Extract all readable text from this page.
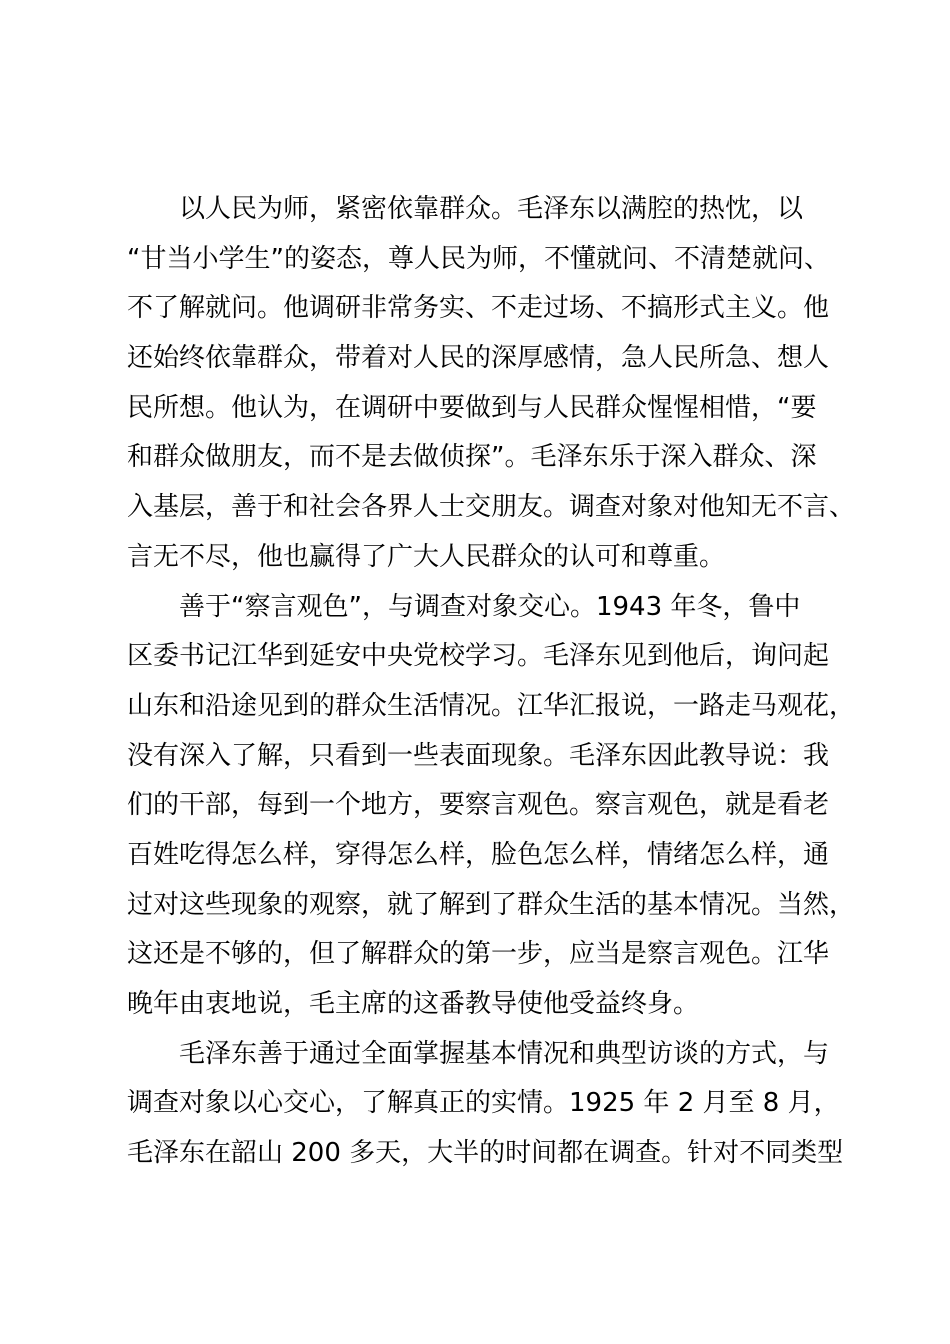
以人民为师，紧密依靠群众。毛泽东以满腔的热忱，以
“甘当小学生”的姿态，尊人民为师，不懂就问、不清楚就问、
不了解就问。他调研非常务实、不走过场、不搞形式主义。他
还始终依靠群众，带着对人民的深厚感情，急人民所急、想人
民所想。他认为，在调研中要做到与人民群众惺惺相惜，“要
和群众做朋友，而不是去做侦探”。毛泽东乐于深入群众、深
入基层，善于和社会各界人士交朋友。调查对象对他知无不言、
言无不尽，他也赢得了广大人民群众的认可和尊重。
善于“察言观色”，与调查对象交心。1943 年冬，鲁中
区委书记江华到延安中央党校学习。毛泽东见到他后，询问起
山东和沿途见到的群众生活情况。江华汇报说，一路走马观花，
没有深入了解，只看到一些表面现象。毛泽东因此教导说：我
们的干部，每到一个地方，要察言观色。察言观色，就是看老
百姓吃得怎么样，穿得怎么样，脸色怎么样，情绪怎么样，通
过对这些现象的观察，就了解到了群众生活的基本情况。当然，
这还是不够的，但了解群众的第一步，应当是察言观色。江华
晚年由衷地说，毛主席的这番教导使他受益终身。
毛泽东善于通过全面掌握基本情况和典型访谈的方式，与
调查对象以心交心，了解真正的实情。1925 年 2 月至 8 月，
毛泽东在韶山 200 多天，大半的时间都在调查。针对不同类型
